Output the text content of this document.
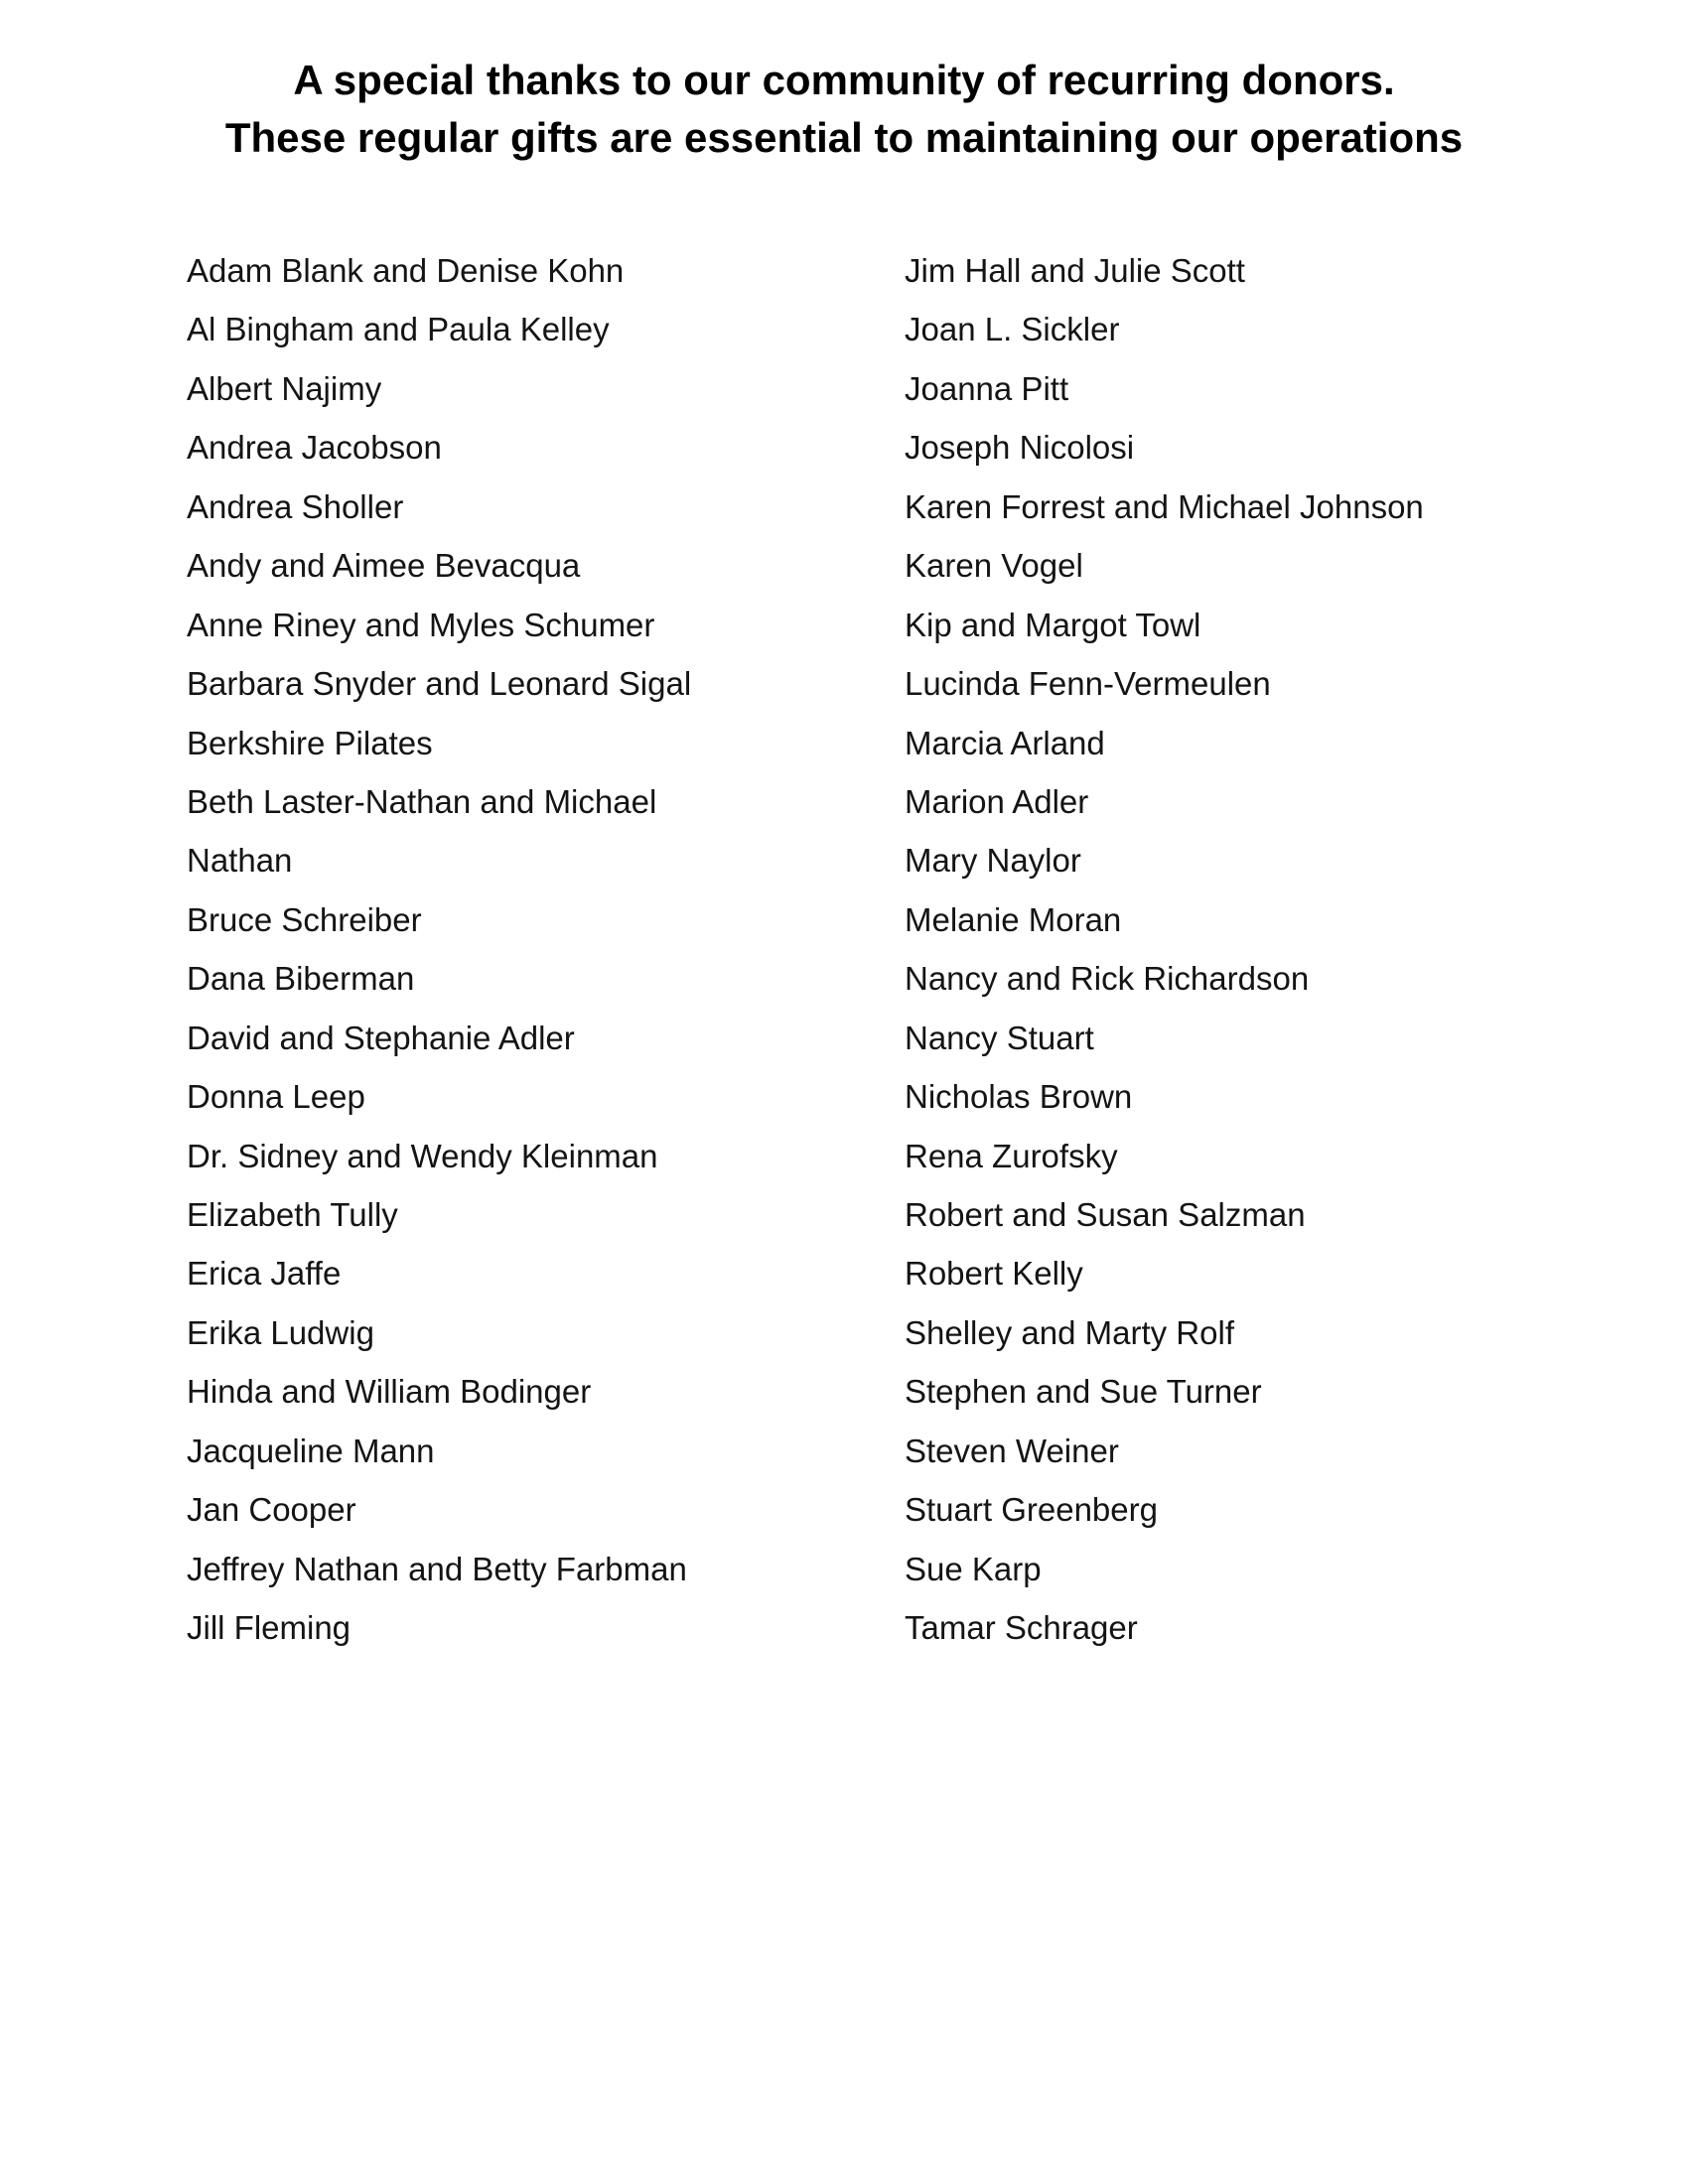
A special thanks to our community of recurring donors.
These regular gifts are essential to maintaining our operations
Adam Blank and Denise Kohn
Al Bingham and Paula Kelley
Albert Najimy
Andrea Jacobson
Andrea Sholler
Andy and Aimee Bevacqua
Anne Riney and Myles Schumer
Barbara Snyder and Leonard Sigal
Berkshire Pilates
Beth Laster-Nathan and Michael
Nathan
Bruce Schreiber
Dana Biberman
David and Stephanie Adler
Donna Leep
Dr. Sidney and Wendy Kleinman
Elizabeth Tully
Erica Jaffe
Erika Ludwig
Hinda and William Bodinger
Jacqueline Mann
Jan Cooper
Jeffrey Nathan and Betty Farbman
Jill Fleming
Jim Hall and Julie Scott
Joan L. Sickler
Joanna Pitt
Joseph Nicolosi
Karen Forrest and Michael Johnson
Karen Vogel
Kip and Margot Towl
Lucinda Fenn-Vermeulen
Marcia Arland
Marion Adler
Mary Naylor
Melanie Moran
Nancy and Rick Richardson
Nancy Stuart
Nicholas Brown
Rena Zurofsky
Robert and Susan Salzman
Robert Kelly
Shelley and Marty Rolf
Stephen and Sue Turner
Steven Weiner
Stuart Greenberg
Sue Karp
Tamar Schrager
